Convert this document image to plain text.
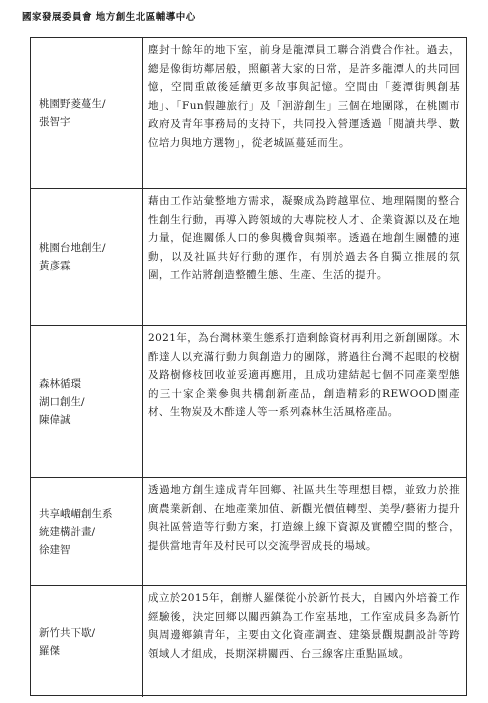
國家發展委員會 地方創生北區輔導中心
桃園野菱蔓生/
張智宇
塵封十餘年的地下室，前身是龍潭員工聯合消費合作社。過去，總是像街坊鄰居般，照顧著大家的日常，是許多龍潭人的共同回憶，空間重啟後延續更多故事與記憶。空間由「菱潭街興創基地」、「Fun假趣旅行」及「洄游創生」三個在地團隊，在桃園市政府及青年事務局的支持下，共同投入營運透過「閱讀共學、數位培力與地方選物」，從老城區蔓延而生。
桃園台地創生/
黃彥霖
藉由工作站彙整地方需求，凝聚成為跨越單位、地理隔閡的整合性創生行動，再導入跨領域的大專院校人才、企業資源以及在地力量，促進關係人口的參與機會與頻率。透過在地創生團體的連動，以及社區共好行動的運作，有別於過去各自獨立推展的氛圍，工作站將創造整體生態、生產、生活的提升。
森林循環
湖口創生/
陳偉誠
2021年，為台灣林業生態系打造剩餘資材再利用之新創團隊。木酢達人以充滿行動力與創造力的團隊，將過往台灣不起眼的校樹及路樹修枝回收並妥適再應用，且成功建結起七個不同產業型態的三十家企業參與共構創新產品，創造精彩的REWOOD園產材、生物炭及木酢達人等一系列森林生活風格產品。
共享峨嵋創生系
統建構計畫/
徐建智
透過地方創生達成青年回鄉、社區共生等理想目標，並致力於推廣農業新創、在地產業加值、新觀光價值轉型、美學/藝術力提升與社區營造等行動方案，打造線上線下資源及實體空間的整合，提供當地青年及村民可以交流學習成長的場域。
新竹共下歇/
羅傑
成立於2015年，創辦人羅傑從小於新竹長大，自國內外培養工作經驗後，決定回鄉以關西鎮為工作室基地，工作室成員多為新竹與周邊鄉鎮青年，主要由文化資產調查、建築景觀規劃設計等跨領域人才組成，長期深耕關西、台三線客庄重點區域。
